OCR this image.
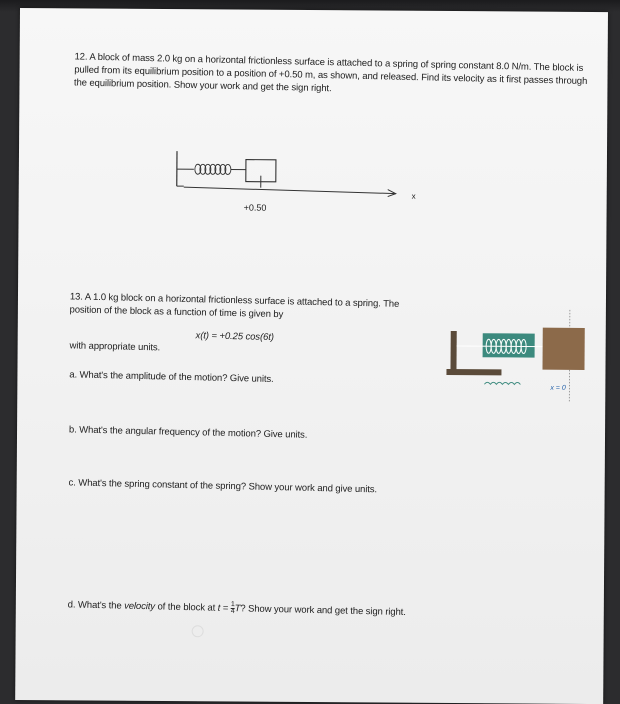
12. A block of mass 2.0 kg on a horizontal frictionless surface is attached to a spring of spring constant 8.0 N/m. The block is pulled from its equilibrium position to a position of +0.50 m, as shown, and released. Find its velocity as it first passes through the equilibrium position. Show your work and get the sign right.
x
+0.50
13. A 1.0 kg block on a horizontal frictionless surface is attached to a spring. The position of the block as a function of time is given by
x(t) = +0.25 cos(6t)
with appropriate units.
x = 0
a. What's the amplitude of the motion? Give units.
b. What's the angular frequency of the motion? Give units.
c. What's the spring constant of the spring? Show your work and give units.
d. What's the velocity of the block at $t = \frac{1}{4} T$? Show your work and get the sign right.
